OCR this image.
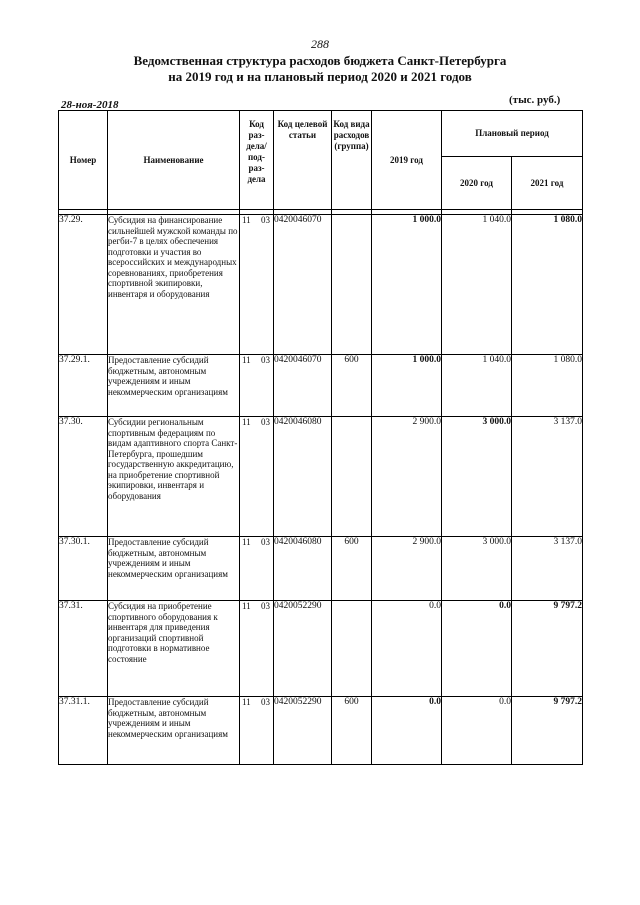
288
Ведомственная структура расходов бюджета Санкт-Петербурга
на 2019 год и на плановый период 2020 и 2021 годов
28-ноя-2018	(тыс. руб.)
Номер	Наименование	Код раз-дела/ под-раз-дела	Код целевой статьи	Код вида расходов (группа)	2019 год	Плановый период	
						2020 год	2021 год

37.29.	Субсидия на финансирование сильнейшей мужской команды по регби-7 в целях обеспечения подготовки и участия во всероссийских и международных соревнованиях, приобретения спортивной экипировки, инвентаря и оборудования	11 03	0420046070		1 000.0	1 040.0	1 080.0
37.29.1.	Предоставление субсидий бюджетным, автономным учреждениям и иным некоммерческим организациям	11 03	0420046070	600	1 000.0	1 040.0	1 080.0
37.30.	Субсидии региональным спортивным федерациям по видам адаптивного спорта Санкт-Петербурга, прошедшим государственную аккредитацию, на приобретение спортивной экипировки, инвентаря и оборудования	11 03	0420046080		2 900.0	3 000.0	3 137.0
37.30.1.	Предоставление субсидий бюджетным, автономным учреждениям и иным некоммерческим организациям	11 03	0420046080	600	2 900.0	3 000.0	3 137.0
37.31.	Субсидия на приобретение спортивного оборудования к инвентаря для приведения организаций спортивной подготовки в нормативное состояние	11 03	0420052290		0.0	0.0	9 797.2
37.31.1.	Предоставление субсидий бюджетным, автономным учреждениям и иным некоммерческим организациям	11 03	0420052290	600	0.0	0.0	9 797.2
